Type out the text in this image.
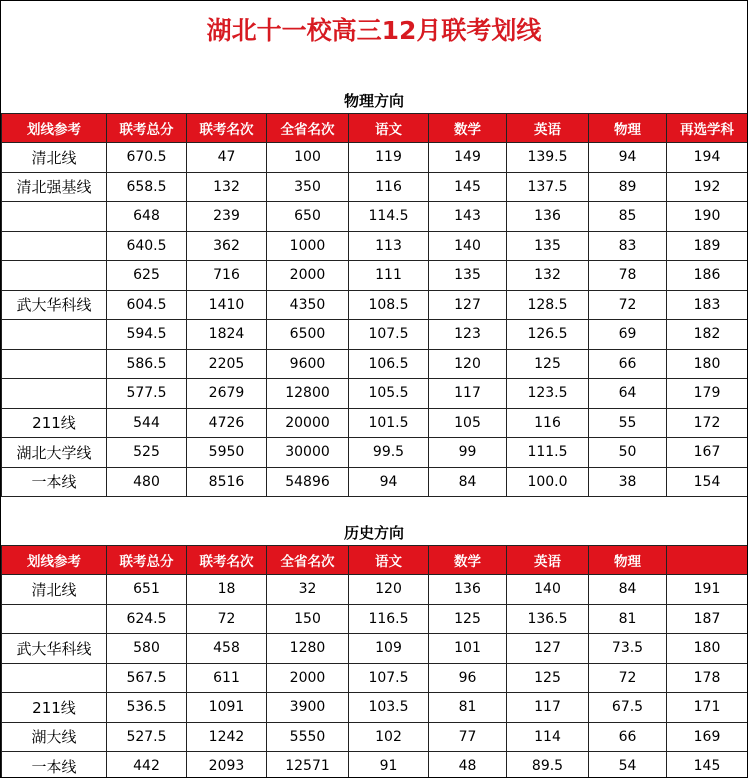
湖北十一校高三12月联考划线
物理方向
划线参考	联考总分	联考名次	全省名次	语文	数学	英语	物理	再选学科
清北线	670.5	47	100	119	149	139.5	94	194
清北强基线	658.5	132	350	116	145	137.5	89	192
	648	239	650	114.5	143	136	85	190
	640.5	362	1000	113	140	135	83	189
	625	716	2000	111	135	132	78	186
武大华科线	604.5	1410	4350	108.5	127	128.5	72	183
	594.5	1824	6500	107.5	123	126.5	69	182
	586.5	2205	9600	106.5	120	125	66	180
	577.5	2679	12800	105.5	117	123.5	64	179
211线	544	4726	20000	101.5	105	116	55	172
湖北大学线	525	5950	30000	99.5	99	111.5	50	167
一本线	480	8516	54896	94	84	100.0	38	154
历史方向
划线参考	联考总分	联考名次	全省名次	语文	数学	英语	物理	
清北线	651	18	32	120	136	140	84	191
	624.5	72	150	116.5	125	136.5	81	187
武大华科线	580	458	1280	109	101	127	73.5	180
	567.5	611	2000	107.5	96	125	72	178
211线	536.5	1091	3900	103.5	81	117	67.5	171
湖大线	527.5	1242	5550	102	77	114	66	169
一本线	442	2093	12571	91	48	89.5	54	145
